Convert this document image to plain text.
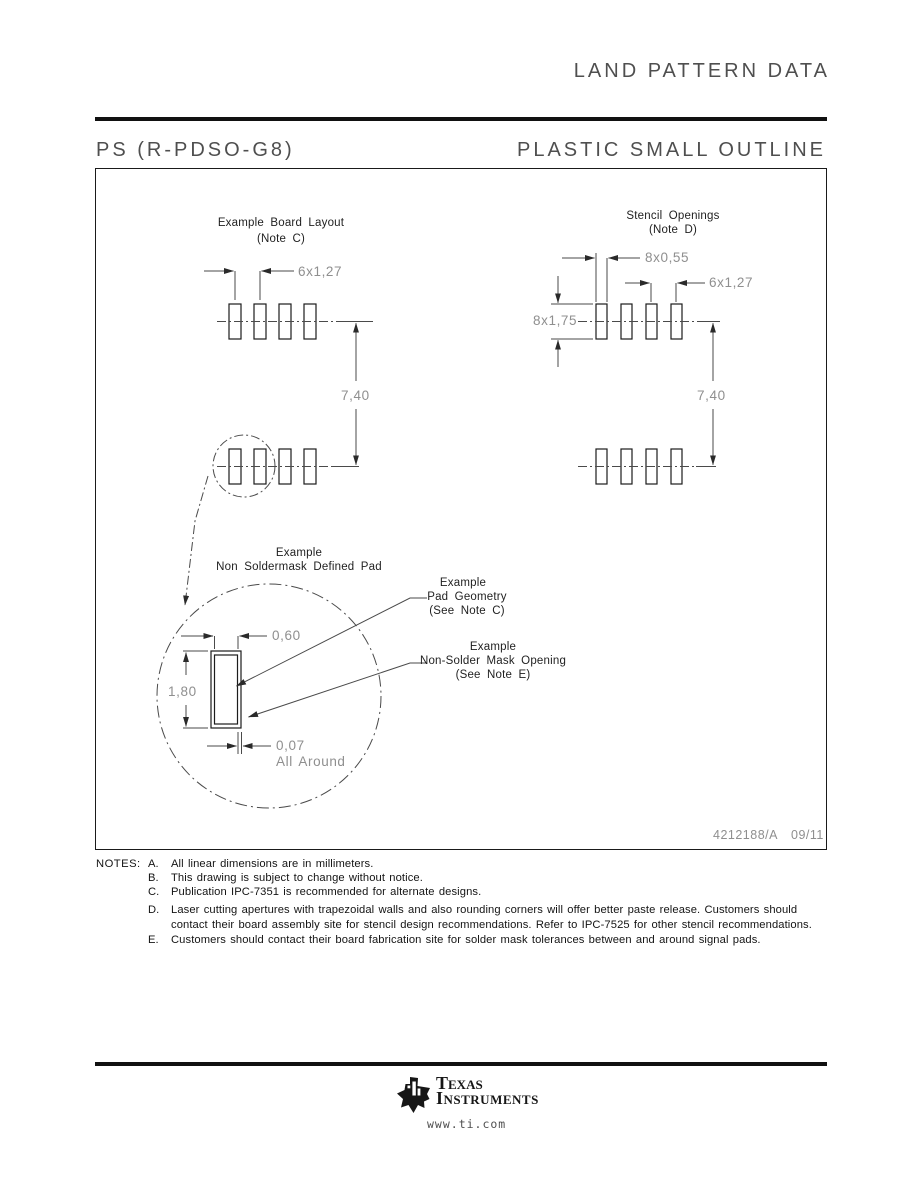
LAND PATTERN DATA
PS (R-PDSO-G8)	PLASTIC SMALL OUTLINE
Example Board Layout
(Note C)
6x1,27
7,40
Example
Non Soldermask Defined Pad
0,60
1,80
0,07
All Around
Example
Pad Geometry
(See Note C)
Example
Non-Solder Mask Opening
(See Note E)
Stencil Openings
(Note D)
8x0,55
6x1,27
8x1,75
7,40
4212188/A 09/11
NOTES: A. All linear dimensions are in millimeters.
B. This drawing is subject to change without notice.
C. Publication IPC-7351 is recommended for alternate designs.
D. Laser cutting apertures with trapezoidal walls and also rounding corners will offer better paste release. Customers should
contact their board assembly site for stencil design recommendations. Refer to IPC-7525 for other stencil recommendations.
E. Customers should contact their board fabrication site for solder mask tolerances between and around signal pads.
Texas
Instruments
www.ti.com
